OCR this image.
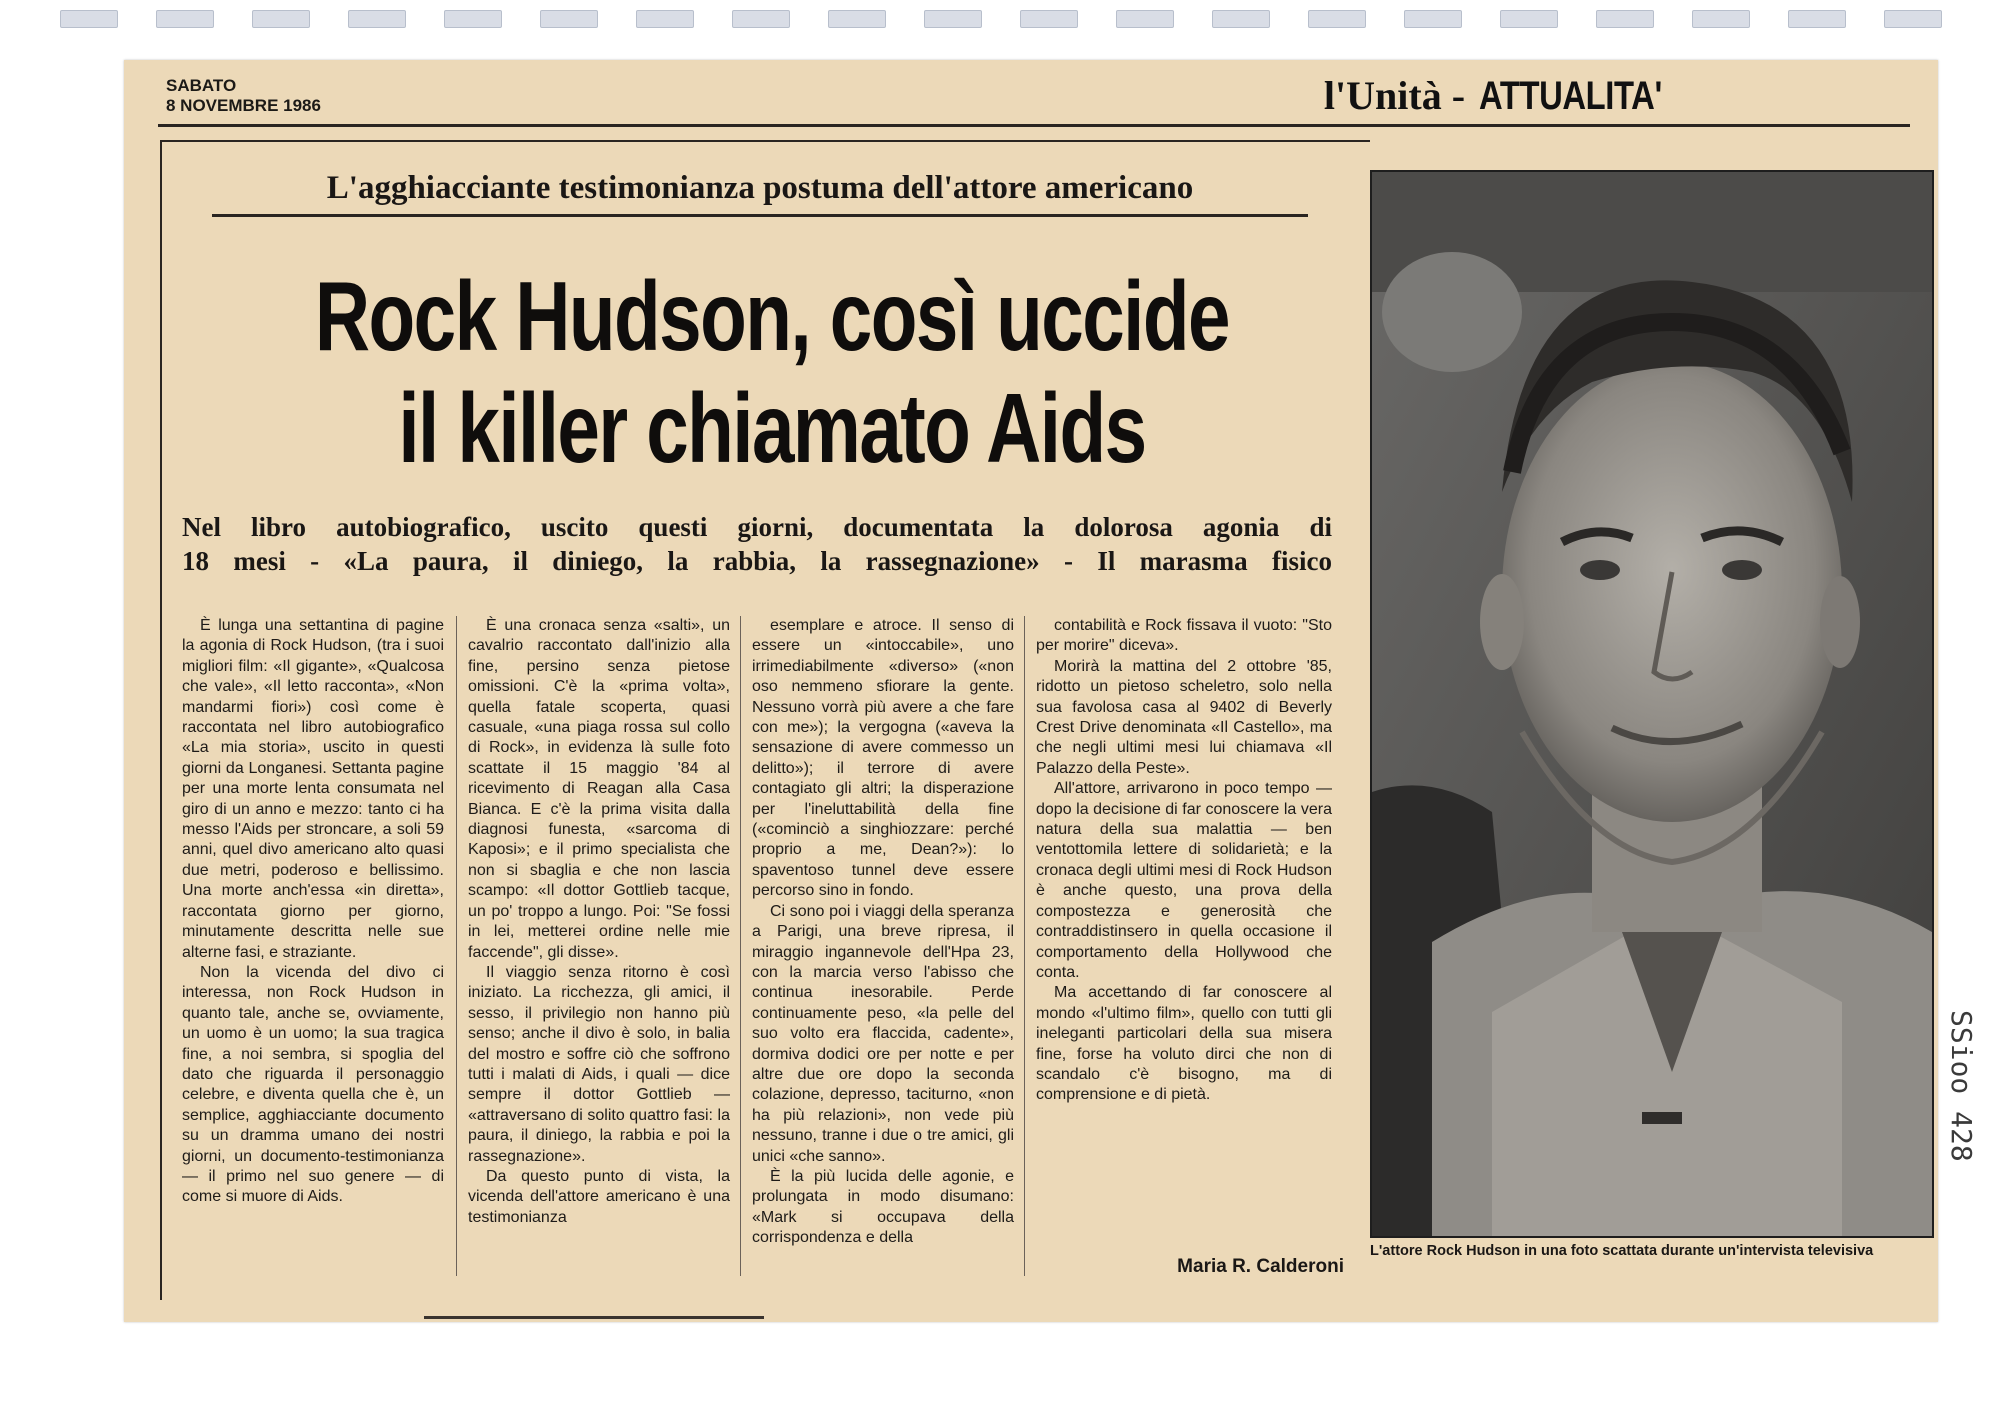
SABATO
8 NOVEMBRE 1986	l'Unità - ATTUALITA'
L'agghiacciante testimonianza postuma dell'attore americano
Rock Hudson, così uccide
il killer chiamato Aids
Nel libro autobiografico, uscito questi giorni, documentata la dolorosa agonia di
18 mesi - «La paura, il diniego, la rabbia, la rassegnazione» - Il marasma fisico

È lunga una settantina di pagine la agonia di Rock Hudson, (tra i suoi migliori film: «Il gigante», «Qualcosa che vale», «Il letto racconta», «Non mandarmi fiori») così come è raccontata nel libro autobiografico «La mia storia», uscito in questi giorni da Longanesi. Settanta pagine per una morte lenta consumata nel giro di un anno e mezzo: tanto ci ha messo l'Aids per stroncare, a soli 59 anni, quel divo americano alto quasi due metri, poderoso e bellissimo. Una morte anch'essa «in diretta», raccontata giorno per giorno, minutamente descritta nelle sue alterne fasi, e straziante.

Non la vicenda del divo ci interessa, non Rock Hudson in quanto tale, anche se, ovviamente, un uomo è un uomo; la sua tragica fine, a noi sembra, si spoglia del dato che riguarda il personaggio celebre, e diventa quella che è, un semplice, agghiacciante documento su un dramma umano dei nostri giorni, un documento-testimonianza — il primo nel suo genere — di come si muore di Aids.

È una cronaca senza «salti», un cavalrio raccontato dall'inizio alla fine, persino senza pietose omissioni. C'è la «prima volta», quella fatale scoperta, quasi casuale, «una piaga rossa sul collo di Rock», in evidenza là sulle foto scattate il 15 maggio '84 al ricevimento di Reagan alla Casa Bianca. E c'è la prima visita dalla diagnosi funesta, «sarcoma di Kaposi»; e il primo specialista che non si sbaglia e che non lascia scampo: «Il dottor Gottlieb tacque, un po' troppo a lungo. Poi: "Se fossi in lei, metterei ordine nelle mie faccende", gli disse».

Il viaggio senza ritorno è così iniziato. La ricchezza, gli amici, il sesso, il privilegio non hanno più senso; anche il divo è solo, in balia del mostro e soffre ciò che soffrono tutti i malati di Aids, i quali — dice sempre il dottor Gottlieb — «attraversano di solito quattro fasi: la paura, il diniego, la rabbia e poi la rassegnazione».

Da questo punto di vista, la vicenda dell'attore americano è una testimonianza

esemplare e atroce. Il senso di essere un «intoccabile», uno irrimediabilmente «diverso» («non oso nemmeno sfiorare la gente. Nessuno vorrà più avere a che fare con me»); la vergogna («aveva la sensazione di avere commesso un delitto»); il terrore di avere contagiato gli altri; la disperazione per l'ineluttabilità della fine («cominciò a singhiozzare: perché proprio a me, Dean?»): lo spaventoso tunnel deve essere percorso sino in fondo.

Ci sono poi i viaggi della speranza a Parigi, una breve ripresa, il miraggio ingannevole dell'Hpa 23, con la marcia verso l'abisso che continua inesorabile. Perde continuamente peso, «la pelle del suo volto era flaccida, cadente», dormiva dodici ore per notte e per altre due ore dopo la seconda colazione, depresso, taciturno, «non ha più relazioni», non vede più nessuno, tranne i due o tre amici, gli unici «che sanno».

È la più lucida delle agonie, e prolungata in modo disumano: «Mark si occupava della corrispondenza e della

contabilità e Rock fissava il vuoto: "Sto per morire" diceva».

Morirà la mattina del 2 ottobre '85, ridotto un pietoso scheletro, solo nella sua favolosa casa al 9402 di Beverly Crest Drive denominata «Il Castello», ma che negli ultimi mesi lui chiamava «Il Palazzo della Peste».

All'attore, arrivarono in poco tempo — dopo la decisione di far conoscere la vera natura della sua malattia — ben ventottomila lettere di solidarietà; e la cronaca degli ultimi mesi di Rock Hudson è anche questo, una prova della compostezza e generosità che contraddistinsero in quella occasione il comportamento della Hollywood che conta.

Ma accettando di far conoscere al mondo «l'ultimo film», quello con tutti gli ineleganti particolari della sua misera fine, forse ha voluto dirci che non di scandalo c'è bisogno, ma di comprensione e di pietà.

Maria R. Calderoni
L'attore Rock Hudson in una foto scattata durante un'intervista televisiva
SSioo 428
